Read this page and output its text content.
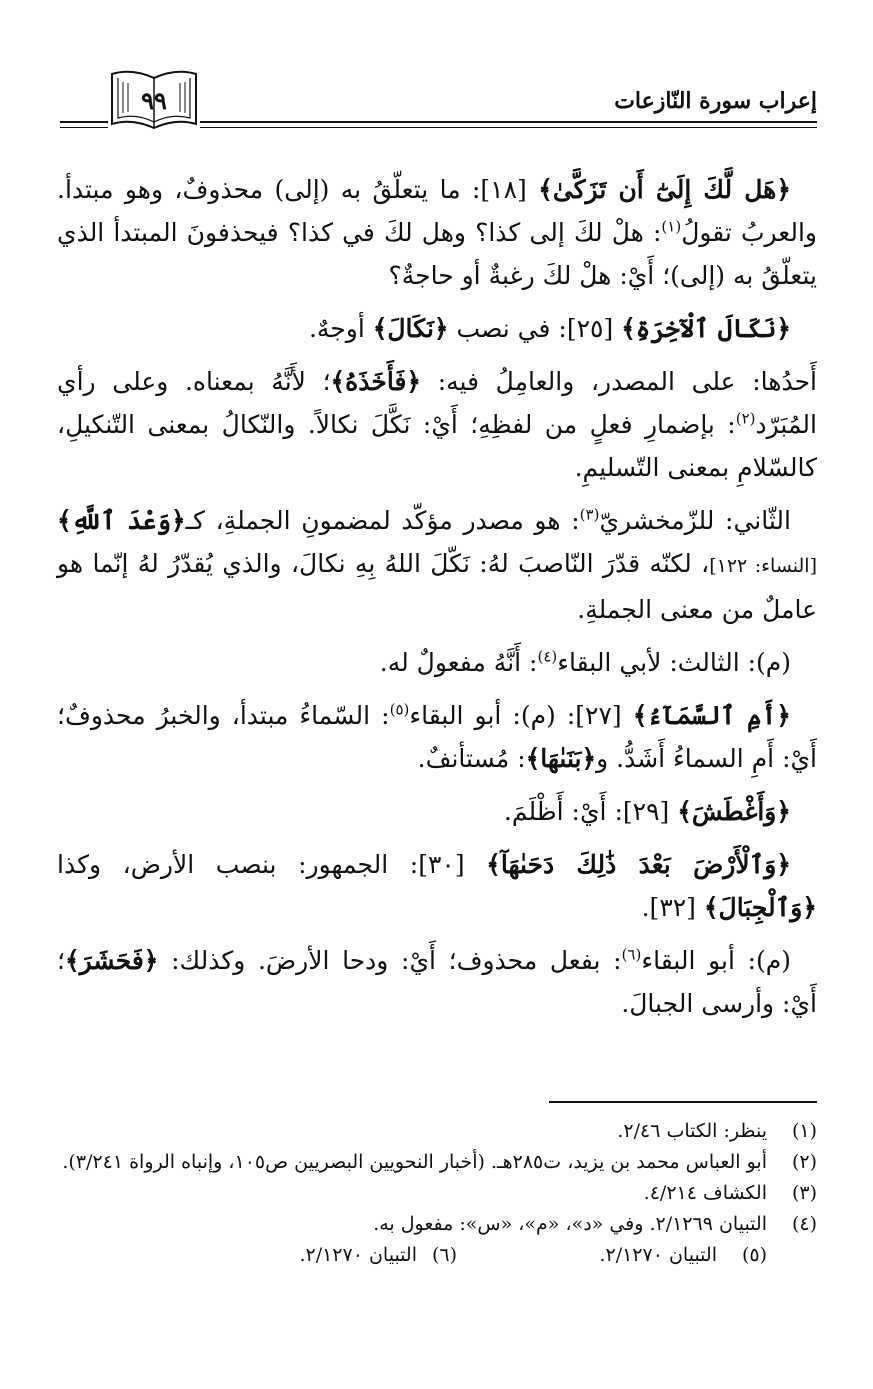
إعراب سورة النّازعات
٩٩

﴿هَل لَّكَ إِلَىٰٓ أَن تَزَكَّىٰ﴾ [١٨]: ما يتعلّقُ به (إلى) محذوفٌ، وهو مبتدأ. والعربُ تقولُ$^{(١)}$: هلْ لكَ إلى كذا؟ وهل لكَ في كذا؟ فيحذفونَ المبتدأ الذي يتعلّقُ به (إلى)؛ أَيْ: هلْ لكَ رغبةٌ أو حاجةٌ؟

﴿نَكَالَ ٱلْآخِرَةِ﴾ [٢٥]: في نصب ﴿نَكَالَ﴾ أوجهٌ.

أَحدُها: على المصدر، والعامِلُ فيه: ﴿فَأَخَذَهُ﴾؛ لأَنَّهُ بمعناه. وعلى رأي المُبَرّد$^{(٢)}$: بإضمارِ فعلٍ من لفظِهِ؛ أَيْ: نَكَّلَ نكالاً. والنّكالُ بمعنى التّنكيلِ، كالسّلامِ بمعنى التّسليمِ.

الثّاني: للزّمخشريّ$^{(٣)}$: هو مصدر مؤكّد لمضمونِ الجملةِ، كـ﴿وَعْدَ ٱللَّهِ﴾ [النساء: ١٢٢]، لكنّه قدّرَ النّاصبَ لهُ: نَكّلَ اللهُ بِهِ نكالَ، والذي يُقدّرُ لهُ إنّما هو عاملٌ من معنى الجملةِ.

(م): الثالث: لأبي البقاء$^{(٤)}$: أَنَّهُ مفعولٌ له.

﴿أَمِ ٱلسَّمَآءُ﴾ [٢٧]: (م): أبو البقاء$^{(٥)}$: السّماءُ مبتدأ، والخبرُ محذوفٌ؛ أَيْ: أَمِ السماءُ أَشَدُّ. و﴿بَنَىٰهَا﴾: مُستأنفٌ.

﴿وَأَغْطَشَ﴾ [٢٩]: أَيْ: أَظْلَمَ.

﴿وَٱلْأَرْضَ بَعْدَ ذَٰلِكَ دَحَىٰهَآ﴾ [٣٠]: الجمهور: بنصب الأرض، وكذا ﴿وَٱلْجِبَالَ﴾ [٣٢].

(م): أبو البقاء$^{(٦)}$: بفعل محذوف؛ أَيْ: ودحا الأرضَ. وكذلك: ﴿فَحَشَرَ﴾؛ أَيْ: وأرسى الجبالَ.

(١)
ينظر: الكتاب ٢/٤٦.
(٢)
أبو العباس محمد بن يزيد، ت٢٨٥هـ. (أخبار النحويين البصريين ص١٠٥، وإنباه الرواة ٣/٢٤١).
(٣)
الكشاف ٤/٢١٤.
(٤)
التبيان ٢/١٢٦٩. وفي «د»، «م»، «س»: مفعول به.
(٥)
التبيان ٢/١٢٧٠.
(٦)
التبيان ٢/١٢٧٠.
